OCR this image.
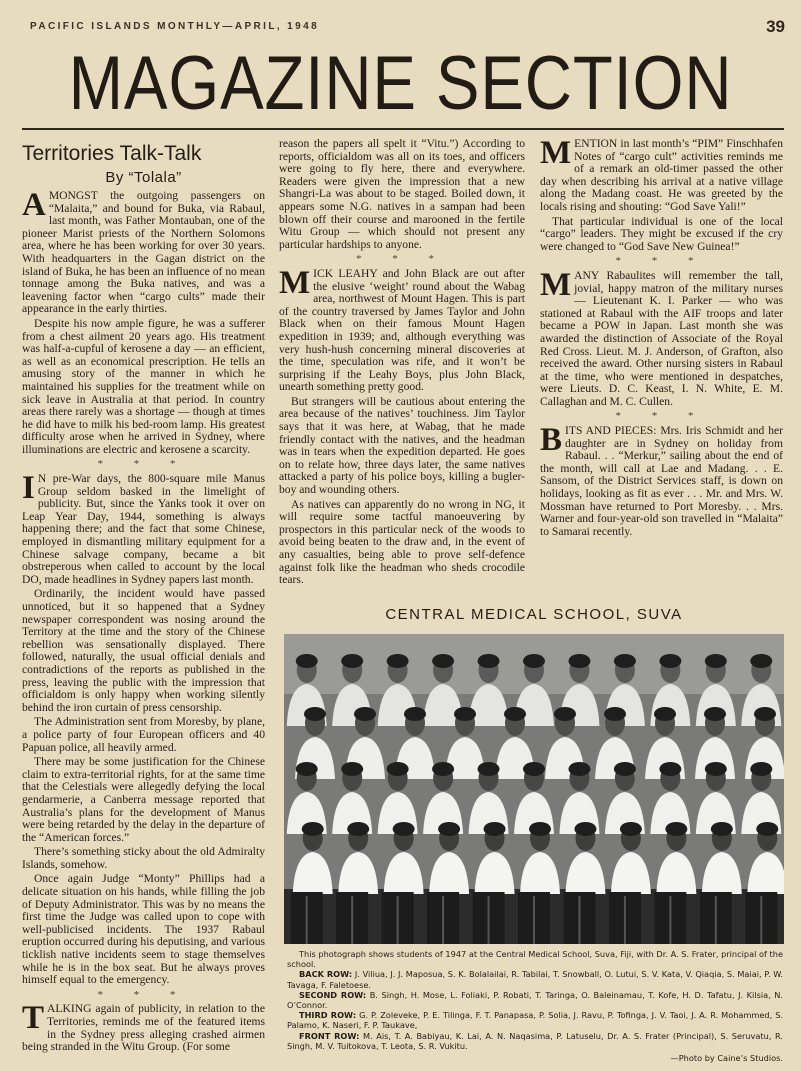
PACIFIC ISLANDS MONTHLY—APRIL, 1948	39
MAGAZINE SECTION
Territories Talk-Talk
By “Tolala”

AMONGST the outgoing passengers on “Malaita,” and bound for Buka, via Rabaul, last month, was Father Montauban, one of the pioneer Marist priests of the Northern Solomons area, where he has been working for over 30 years. With headquarters in the Gagan district on the island of Buka, he has been an influence of no mean tonnage among the Buka natives, and was a leavening factor when “cargo cults” made their appearance in the early thirties.

Despite his now ample figure, he was a sufferer from a chest ailment 20 years ago. His treatment was half-a-cupful of kerosene a day — an efficient, as well as an economical prescription. He tells an amusing story of the manner in which he maintained his supplies for the treatment while on sick leave in Australia at that period. In country areas there rarely was a shortage — though at times he did have to milk his bed-room lamp. His greatest difficulty arose when he arrived in Sydney, where illuminations are electric and kerosene a scarcity.

* * *

I N pre-War days, the 800-square mile Manus Group seldom basked in the limelight of publicity. But, since the Yanks took it over on Leap Year Day, 1944, something is always happening there; and the fact that some Chinese, employed in dismantling military equipment for a Chinese salvage company, became a bit obstreperous when called to account by the local DO, made headlines in Sydney papers last month.

Ordinarily, the incident would have passed unnoticed, but it so happened that a Sydney newspaper correspondent was nosing around the Territory at the time and the story of the Chinese rebellion was sensationally displayed. There followed, naturally, the usual official denials and contradictions of the reports as published in the press, leaving the public with the impression that officialdom is only happy when working silently behind the iron curtain of press censorship.

The Administration sent from Moresby, by plane, a police party of four European officers and 40 Papuan police, all heavily armed.

There may be some justification for the Chinese claim to extra-territorial rights, for at the same time that the Celestials were allegedly defying the local gendarmerie, a Canberra message reported that Australia’s plans for the development of Manus were being retarded by the delay in the departure of the “American forces.”

There’s something sticky about the old Admiralty Islands, somehow.

Once again Judge “Monty” Phillips had a delicate situation on his hands, while filling the job of Deputy Administrator. This was by no means the first time the Judge was called upon to cope with well-publicised incidents. The 1937 Rabaul eruption occurred during his deputising, and various ticklish native incidents seem to stage themselves while he is in the box seat. But he always proves himself equal to the emergency.

* * *

TALKING again of publicity, in relation to the Territories, reminds me of the featured items in the Sydney press alleging crashed airmen being stranded in the Witu Group. (For some

reason the papers all spelt it “Vitu.”) According to reports, officialdom was all on its toes, and officers were going to fly here, there and everywhere. Readers were given the impression that a new Shangri-La was about to be staged. Boiled down, it appears some N.G. natives in a sampan had been blown off their course and marooned in the fertile Witu Group — which should not present any particular hardships to anyone.

* * *

MICK LEAHY and John Black are out after the elusive ‘weight’ round about the Wabag area, northwest of Mount Hagen. This is part of the country traversed by James Taylor and John Black when on their famous Mount Hagen expedition in 1939; and, although everything was very hush-hush concerning mineral discoveries at the time, speculation was rife, and it won’t be surprising if the Leahy Boys, plus John Black, unearth something pretty good.

But strangers will be cautious about entering the area because of the natives’ touchiness. Jim Taylor says that it was here, at Wabag, that he made friendly contact with the natives, and the headman was in tears when the expedition departed. He goes on to relate how, three days later, the same natives attacked a party of his police boys, killing a bugler-boy and wounding others.

As natives can apparently do no wrong in NG, it will require some tactful manoeuvering by prospectors in this particular neck of the woods to avoid being beaten to the draw and, in the event of any casualties, being able to prove self-defence against folk like the headman who sheds crocodile tears.

MENTION in last month’s “PIM” Finschhafen Notes of “cargo cult” activities reminds me of a remark an old-timer passed the other day when describing his arrival at a native village along the Madang coast. He was greeted by the locals rising and shouting: “God Save Yali!”

That particular individual is one of the local “cargo” leaders. They might be excused if the cry were changed to “God Save New Guinea!”

* * *

MANY Rabaulites will remember the tall, jovial, happy matron of the military nurses — Lieutenant K. I. Parker — who was stationed at Rabaul with the AIF troops and later became a POW in Japan. Last month she was awarded the distinction of Associate of the Royal Red Cross. Lieut. M. J. Anderson, of Grafton, also received the award. Other nursing sisters in Rabaul at the time, who were mentioned in despatches, were Lieuts. D. C. Keast, I. N. White, E. M. Callaghan and M. C. Cullen.

* * *

BITS AND PIECES: Mrs. Iris Schmidt and her daughter are in Sydney on holiday from Rabaul. . . “Merkur,” sailing about the end of the month, will call at Lae and Madang. . . E. Sansom, of the District Services staff, is down on holidays, looking as fit as ever . . . Mr. and Mrs. W. Mossman have returned to Port Moresby. . . Mrs. Warner and four-year-old son travelled in “Malaita” to Samarai recently.

CENTRAL MEDICAL SCHOOL, SUVA

This photograph shows students of 1947 at the Central Medical School, Suva, Fiji, with Dr. A. S. Frater, principal of the school.

BACK ROW: J. Viliua, J. J. Maposua, S. K. Bolalailai, R. Tabilai, T. Snowball, O. Lutui, S. V. Kata, V. Qiaqia, S. Maiai, P. W. Tavaga, F. Faletoese.

SECOND ROW: B. Singh, H. Mose, L. Foliaki, P. Robati, T. Taringa, O. Baleinamau, T. Kofe, H. D. Tafatu, J. Kilsia, N. O’Connor.

THIRD ROW: G. P. Zoleveke, P. E. Tilinga, F. T. Panapasa, P. Solia, J. Ravu, P. Tofinga, J. V. Taoi, J. A. R. Mohammed, S. Palamo, K. Naseri, F. P. Taukave,

FRONT ROW: M. Ais, T. A. Babiyau, K. Lai, A. N. Naqasima, P. Latuselu, Dr. A. S. Frater (Principal), S. Seruvatu, R. Singh, M. V. Tuitokova, T. Leota, S. R. Vukitu.

—Photo by Caine’s Studios.
